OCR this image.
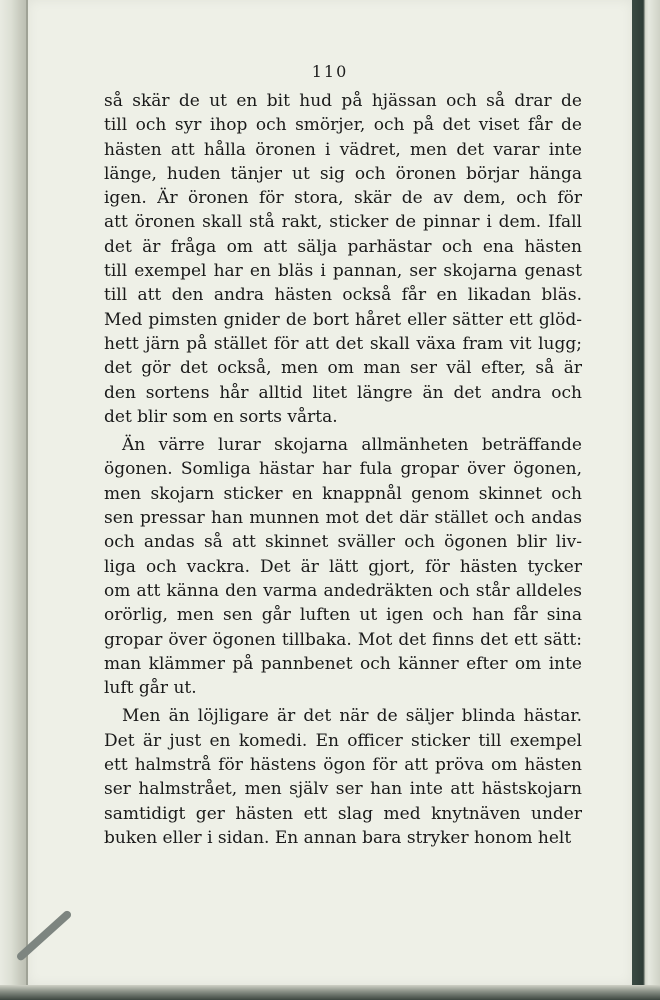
110
så skär de ut en bit hud på hjässan och så drar de
till och syr ihop och smörjer, och på det viset får de
hästen att hålla öronen i vädret, men det varar inte
länge, huden tänjer ut sig och öronen börjar hänga
igen. Är öronen för stora, skär de av dem, och för
att öronen skall stå rakt, sticker de pinnar i dem. Ifall
det är fråga om att sälja parhästar och ena hästen
till exempel har en bläs i pannan, ser skojarna genast
till att den andra hästen också får en likadan bläs.
Med pimsten gnider de bort håret eller sätter ett glöd-
hett järn på stället för att det skall växa fram vit lugg;
det gör det också, men om man ser väl efter, så är
den sortens hår alltid litet längre än det andra och
det blir som en sorts vårta.
Än värre lurar skojarna allmänheten beträffande
ögonen. Somliga hästar har fula gropar över ögonen,
men skojarn sticker en knappnål genom skinnet och
sen pressar han munnen mot det där stället och andas
och andas så att skinnet sväller och ögonen blir liv-
liga och vackra. Det är lätt gjort, för hästen tycker
om att känna den varma andedräkten och står alldeles
orörlig, men sen går luften ut igen och han får sina
gropar över ögonen tillbaka. Mot det finns det ett sätt:
man klämmer på pannbenet och känner efter om inte
luft går ut.
Men än löjligare är det när de säljer blinda hästar.
Det är just en komedi. En officer sticker till exempel
ett halmstrå för hästens ögon för att pröva om hästen
ser halmstrået, men själv ser han inte att hästskojarn
samtidigt ger hästen ett slag med knytnäven under
buken eller i sidan. En annan bara stryker honom helt
